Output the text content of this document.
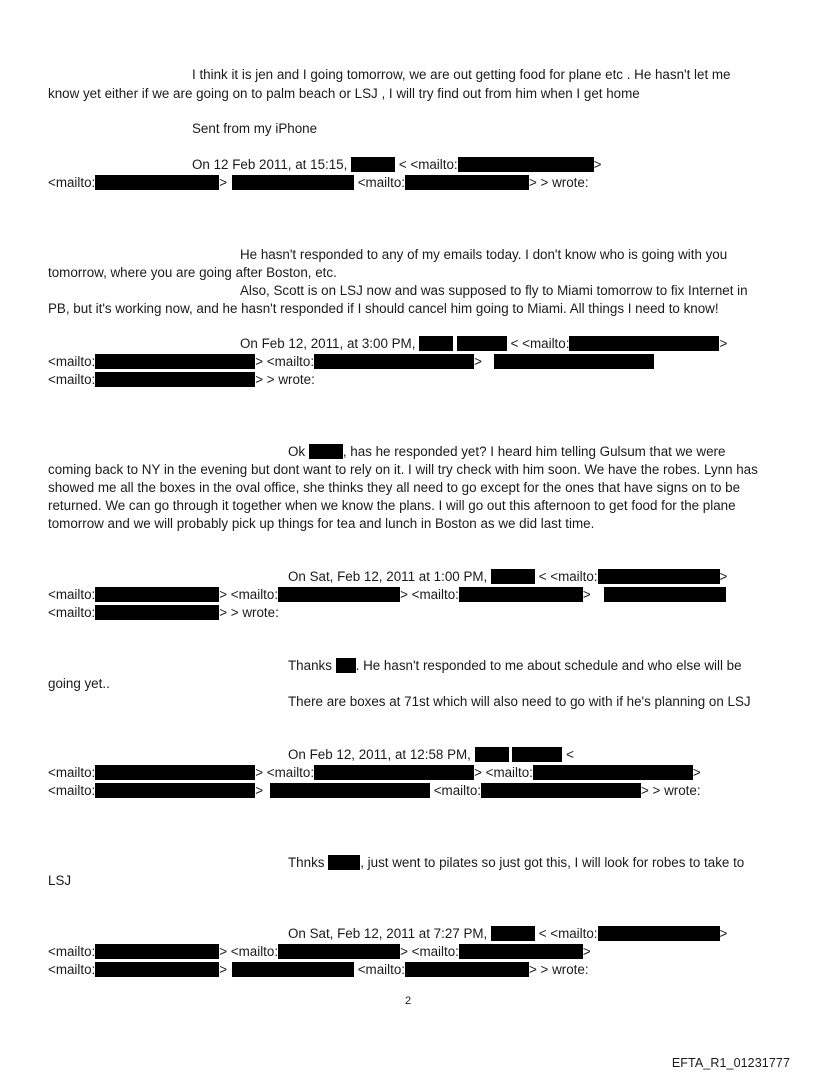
I think it is jen and I going tomorrow, we are out getting food for plane etc . He hasn't let me
know yet either if we are going on to palm beach or LSJ , I will try find out from him when I get home
Sent from my iPhone
On 12 Feb 2011, at 15:15,	< <mailto:	>
<mailto:	>	<mailto:	> > wrote:
He hasn't responded to any of my emails today. I don't know who is going with you
tomorrow, where you are going after Boston, etc.
Also, Scott is on LSJ now and was supposed to fly to Miami tomorrow to fix Internet in
PB, but it's working now, and he hasn't responded if I should cancel him going to Miami. All things I need to know!
On Feb 12, 2011, at 3:00 PM,	< <mailto:	>
<mailto:	> <mailto:	>
<mailto:	> > wrote:
Ok	, has he responded yet? I heard him telling Gulsum that we were
coming back to NY in the evening but dont want to rely on it. I will try check with him soon. We have the robes. Lynn has
showed me all the boxes in the oval office, she thinks they all need to go except for the ones that have signs on to be
returned. We can go through it together when we know the plans. I will go out this afternoon to get food for the plane
tomorrow and we will probably pick up things for tea and lunch in Boston as we did last time.
On Sat, Feb 12, 2011 at 1:00 PM,	< <mailto:	>
<mailto:	> <mailto:	> <mailto:	>
<mailto:	> > wrote:
Thanks . He hasn't responded to me about schedule and who else will be
going yet..
There are boxes at 71st which will also need to go with if he's planning on LSJ
On Feb 12, 2011, at 12:58 PM,	<
<mailto:	> <mailto:	> <mailto:	>
<mailto:	>	<mailto:	> > wrote:
Thnks	, just went to pilates so just got this, I will look for robes to take to
LSJ
On Sat, Feb 12, 2011 at 7:27 PM,	< <mailto:	>
<mailto:	> <mailto:	> <mailto:	>
<mailto:	>	<mailto:	> > wrote:
2
EFTA_R1_01231777
